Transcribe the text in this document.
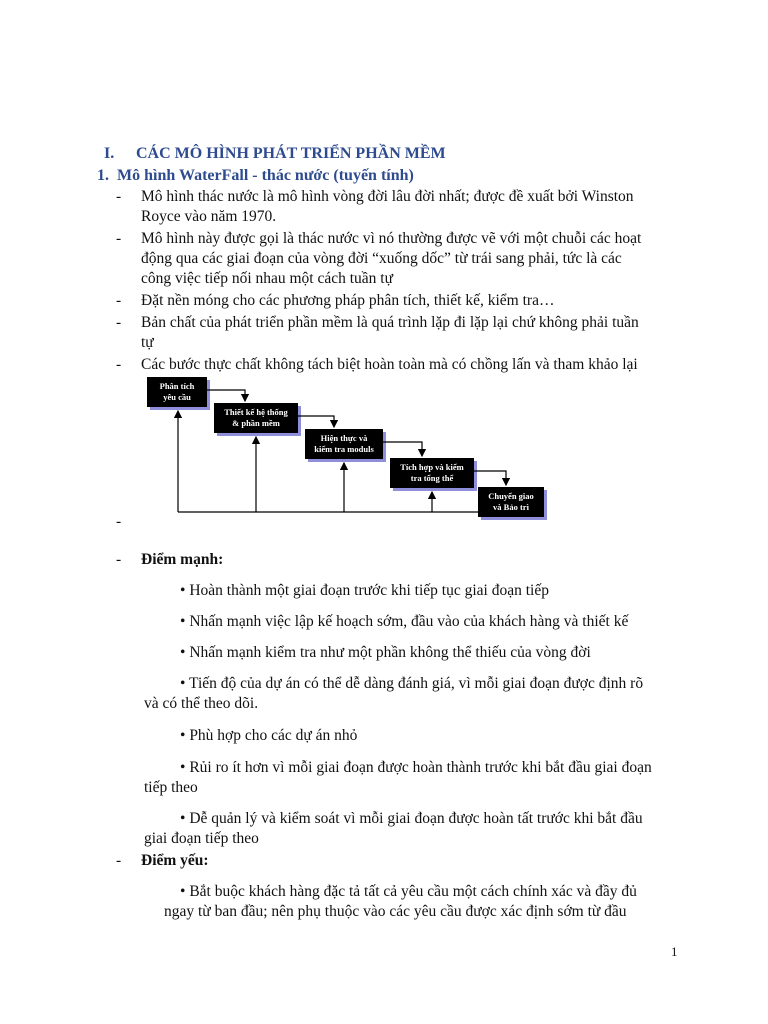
I. CÁC MÔ HÌNH PHÁT TRIỂN PHẦN MỀM
1. Mô hình WaterFall - thác nước (tuyến tính)
- Mô hình thác nước là mô hình vòng đời lâu đời nhất; được đề xuất bởi Winston
Royce vào năm 1970.
- Mô hình này được gọi là thác nước vì nó thường được vẽ với một chuỗi các hoạt
động qua các giai đoạn của vòng đời “xuống dốc” từ trái sang phải, tức là các
công việc tiếp nối nhau một cách tuần tự
- Đặt nền móng cho các phương pháp phân tích, thiết kế, kiểm tra…
- Bản chất của phát triển phần mềm là quá trình lặp đi lặp lại chứ không phải tuần
tự
- Các bước thực chất không tách biệt hoàn toàn mà có chồng lấn và tham khảo lại
Phân tích
yêu cầu
Thiết kế hệ thống
& phần mềm
Hiện thực và
kiểm tra moduls
Tích hợp và kiểm
tra tổng thể
Chuyển giao
và Bảo trì
-
- Điểm mạnh:
• Hoàn thành một giai đoạn trước khi tiếp tục giai đoạn tiếp
• Nhấn mạnh việc lập kế hoạch sớm, đầu vào của khách hàng và thiết kế
• Nhấn mạnh kiểm tra như một phần không thể thiếu của vòng đời
• Tiến độ của dự án có thể dễ dàng đánh giá, vì mỗi giai đoạn được định rõ
và có thể theo dõi.
• Phù hợp cho các dự án nhỏ
• Rủi ro ít hơn vì mỗi giai đoạn được hoàn thành trước khi bắt đầu giai đoạn
tiếp theo
• Dễ quản lý và kiểm soát vì mỗi giai đoạn được hoàn tất trước khi bắt đầu
giai đoạn tiếp theo
- Điểm yếu:
• Bắt buộc khách hàng đặc tả tất cả yêu cầu một cách chính xác và đầy đủ
ngay từ ban đầu; nên phụ thuộc vào các yêu cầu được xác định sớm từ đầu
1
